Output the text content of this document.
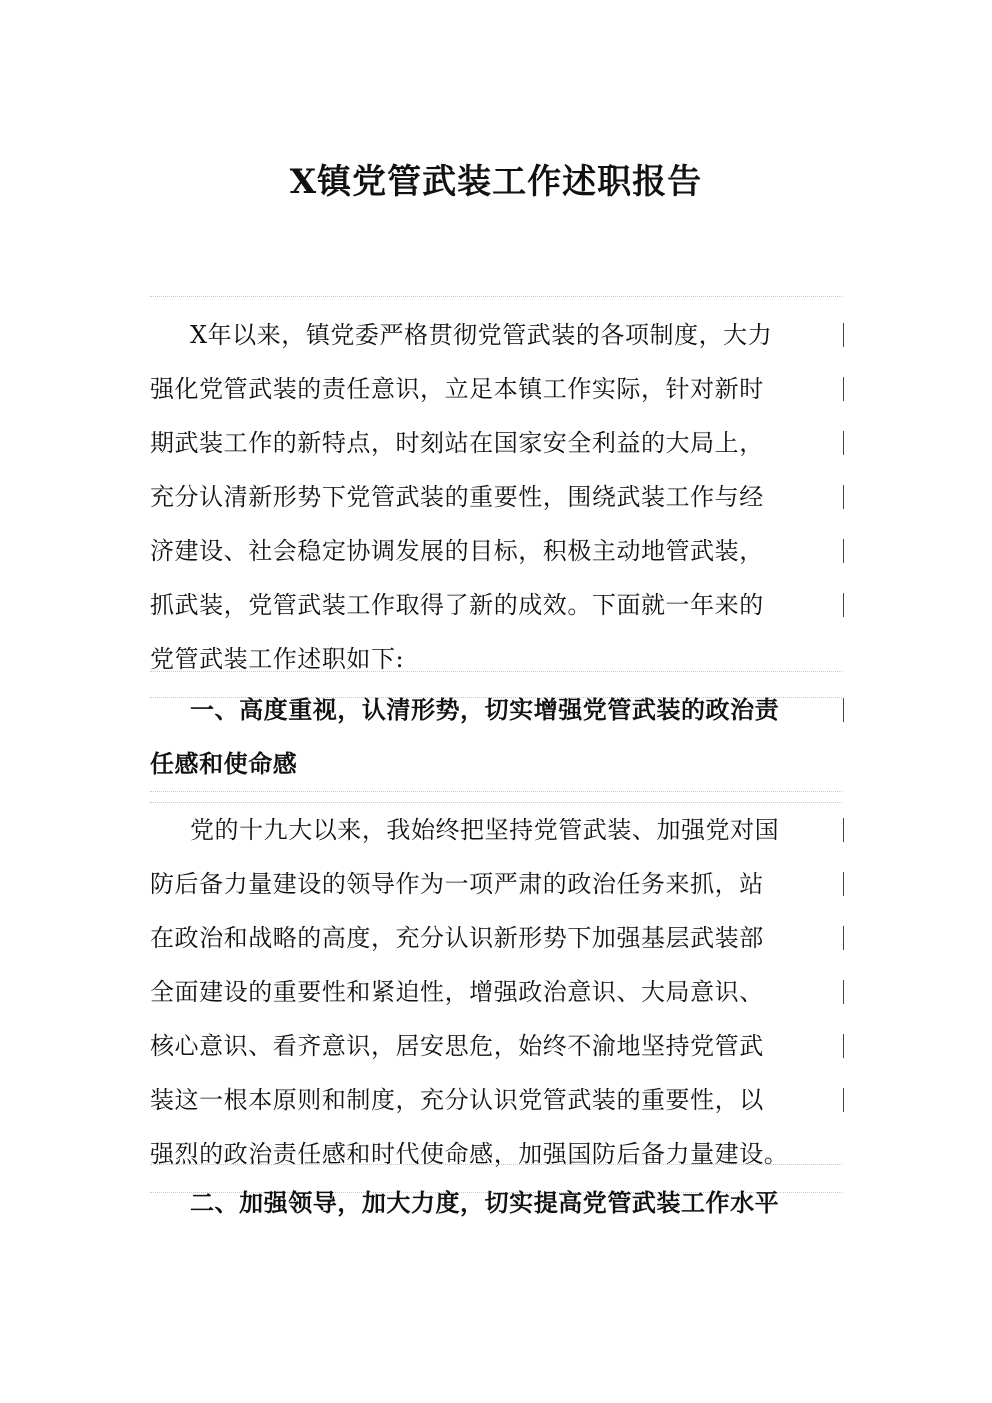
X镇党管武装工作述职报告
X年以来，镇党委严格贯彻党管武装的各项制度，大力
强化党管武装的责任意识，立足本镇工作实际，针对新时
期武装工作的新特点，时刻站在国家安全利益的大局上，
充分认清新形势下党管武装的重要性，围绕武装工作与经
济建设、社会稳定协调发展的目标，积极主动地管武装，
抓武装，党管武装工作取得了新的成效。下面就一年来的
党管武装工作述职如下:
一、高度重视，认清形势，切实增强党管武装的政治责
任感和使命感
党的十九大以来，我始终把坚持党管武装、加强党对国
防后备力量建设的领导作为一项严肃的政治任务来抓，站
在政治和战略的高度，充分认识新形势下加强基层武装部
全面建设的重要性和紧迫性，增强政治意识、大局意识、
核心意识、看齐意识，居安思危，始终不渝地坚持党管武
装这一根本原则和制度，充分认识党管武装的重要性，以
强烈的政治责任感和时代使命感，加强国防后备力量建设。
二、加强领导，加大力度，切实提高党管武装工作水平
